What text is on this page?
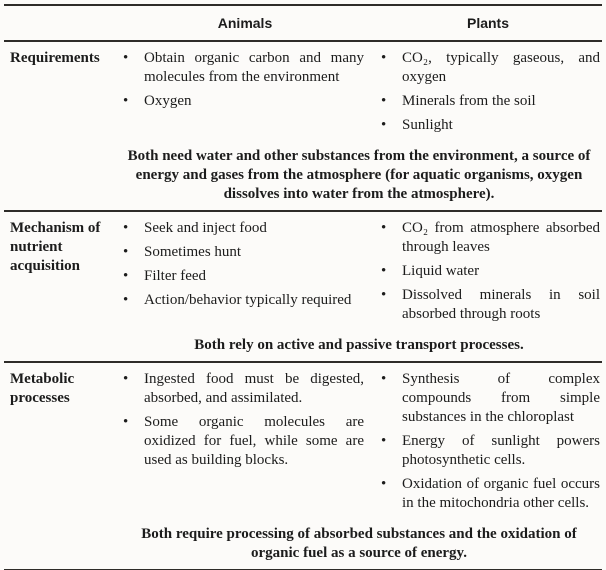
Animals	Plants
Requirements	• Obtain organic carbon and many molecules from the environment
• Oxygen
• CO₂, typically gaseous, and oxygen
• Minerals from the soil
• Sunlight

Both need water and other substances from the environment, a source of energy and gases from the atmosphere (for aquatic organisms, oxygen dissolves into water from the atmosphere).

Mechanism of nutrient acquisition
• Seek and inject food
• Sometimes hunt
• Filter feed
• Action/behavior typically required
• CO₂ from atmosphere absorbed through leaves
• Liquid water
• Dissolved minerals in soil absorbed through roots

Both rely on active and passive transport processes.

Metabolic processes
• Ingested food must be digested, absorbed, and assimilated.
• Some organic molecules are oxidized for fuel, while some are used as building blocks.
• Synthesis of complex compounds from simple substances in the chloroplast
• Energy of sunlight powers photosynthetic cells.
• Oxidation of organic fuel occurs in the mitochondria other cells.

Both require processing of absorbed substances and the oxidation of organic fuel as a source of energy.
